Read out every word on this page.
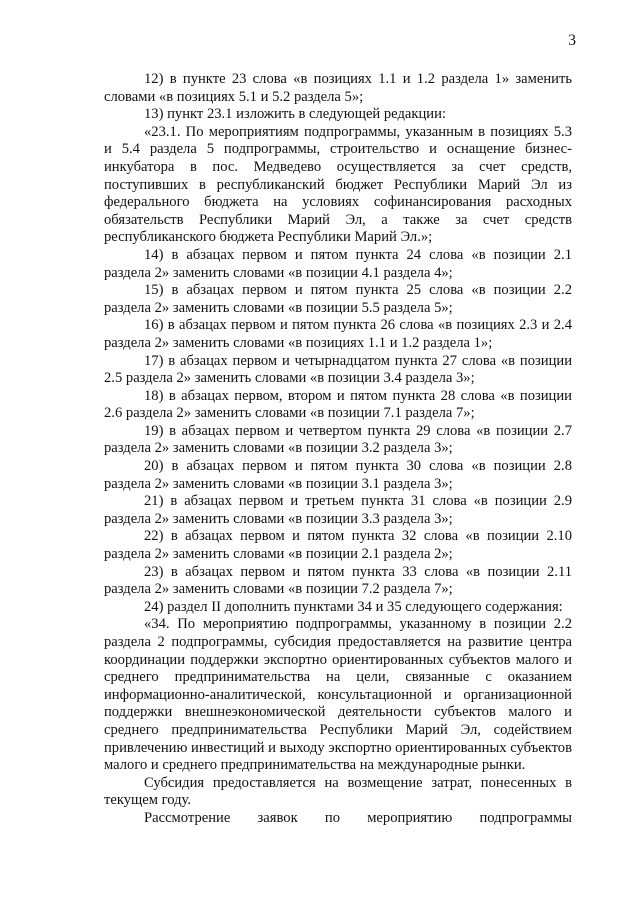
3

12) в пункте 23 слова «в позициях 1.1 и 1.2 раздела 1» заменить словами «в позициях 5.1 и 5.2 раздела 5»;

13) пункт 23.1 изложить в следующей редакции:

«23.1. По мероприятиям подпрограммы, указанным в позициях 5.3 и 5.4 раздела 5 подпрограммы, строительство и оснащение бизнес-инкубатора в пос. Медведево осуществляется за счет средств, поступивших в республиканский бюджет Республики Марий Эл из федерального бюджета на условиях софинансирования расходных обязательств Республики Марий Эл, а также за счет средств республиканского бюджета Республики Марий Эл.»;

14) в абзацах первом и пятом пункта 24 слова «в позиции 2.1 раздела 2» заменить словами «в позиции 4.1 раздела 4»;

15) в абзацах первом и пятом пункта 25 слова «в позиции 2.2 раздела 2» заменить словами «в позиции 5.5 раздела 5»;

16) в абзацах первом и пятом пункта 26 слова «в позициях 2.3 и 2.4 раздела 2» заменить словами «в позициях 1.1 и 1.2 раздела 1»;

17) в абзацах первом и четырнадцатом пункта 27 слова «в позиции 2.5 раздела 2» заменить словами «в позиции 3.4 раздела 3»;

18) в абзацах первом, втором и пятом пункта 28 слова «в позиции 2.6 раздела 2» заменить словами «в позиции 7.1 раздела 7»;

19) в абзацах первом и четвертом пункта 29 слова «в позиции 2.7 раздела 2» заменить словами «в позиции 3.2 раздела 3»;

20) в абзацах первом и пятом пункта 30 слова «в позиции 2.8 раздела 2» заменить словами «в позиции 3.1 раздела 3»;

21) в абзацах первом и третьем пункта 31 слова «в позиции 2.9 раздела 2» заменить словами «в позиции 3.3 раздела 3»;

22) в абзацах первом и пятом пункта 32 слова «в позиции 2.10 раздела 2» заменить словами «в позиции 2.1 раздела 2»;

23) в абзацах первом и пятом пункта 33 слова «в позиции 2.11 раздела 2» заменить словами «в позиции 7.2 раздела 7»;

24) раздел II дополнить пунктами 34 и 35 следующего содержания:

«34. По мероприятию подпрограммы, указанному в позиции 2.2 раздела 2 подпрограммы, субсидия предоставляется на развитие центра координации поддержки экспортно ориентированных субъектов малого и среднего предпринимательства на цели, связанные с оказанием информационно-аналитической, консультационной и организационной поддержки внешнеэкономической деятельности субъектов малого и среднего предпринимательства Республики Марий Эл, содействием привлечению инвестиций и выходу экспортно ориентированных субъектов малого и среднего предпринимательства на международные рынки.

Субсидия предоставляется на возмещение затрат, понесенных в текущем году.

Рассмотрение заявок по мероприятию подпрограммы
